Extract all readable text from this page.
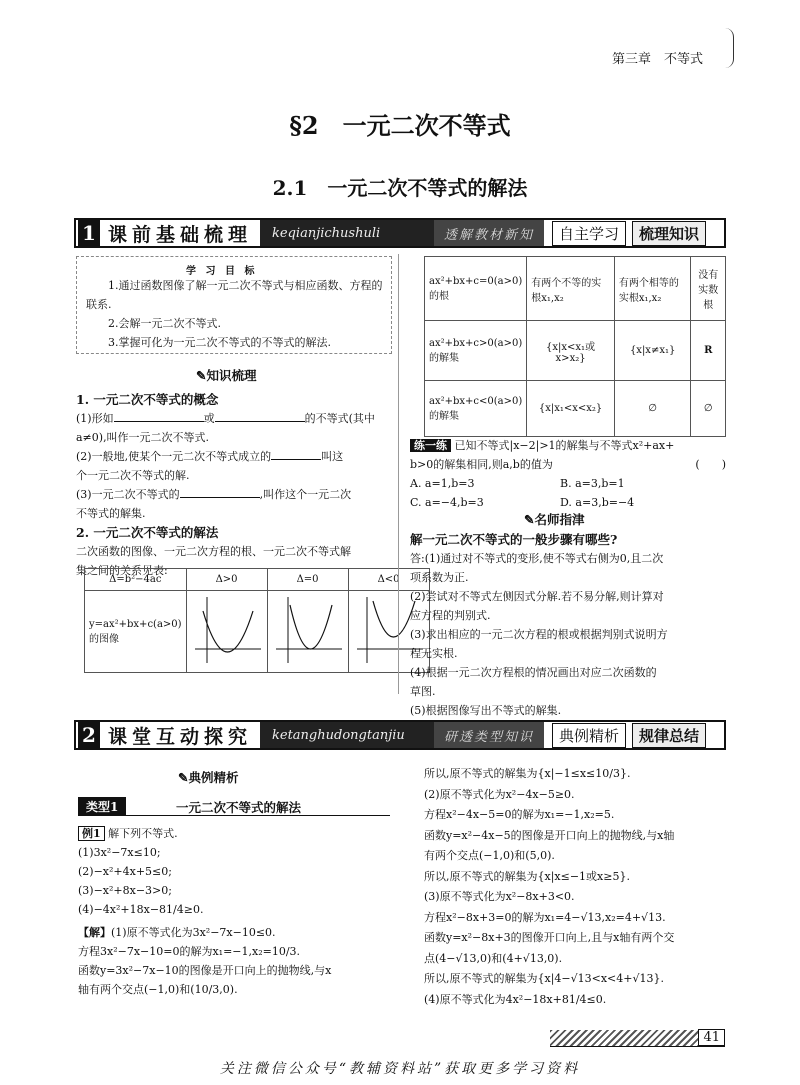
第三章　不等式
§2　一元二次不等式
2.1　一元二次不等式的解法
1 课前基础梳理	keqianjichushuli	透解教材新知	自主学习	梳理知识
学 习 目 标
1.通过函数图像了解一元二次不等式与相应函数、方程的联系.
2.会解一元二次不等式.
3.掌握可化为一元二次不等式的不等式的解法.
✎知识梳理
1. 一元二次不等式的概念
(1)形如	或	的不等式(其中
a≠0),叫作一元二次不等式.
(2)一般地,使某个一元二次不等式成立的	叫这
个一元二次不等式的解.
(3)一元二次不等式的	,叫作这个一元二次
不等式的解集.
2. 一元二次不等式的解法
二次函数的图像、一元二次方程的根、一元二次不等式解
集之间的关系见表:
Δ=b²−4ac	Δ>0	Δ=0	Δ<0
y=ax²+bx+c(a>0)的图像			
ax²+bx+c=0(a>0)的根	有两个不等的实根x₁,x₂	有两个相等的实根x₁,x₂	没有实数根
ax²+bx+c>0(a>0)的解集	{x|x<x₁或x>x₂}	{x|x≠x₁}	R
ax²+bx+c<0(a>0)的解集	{x|x₁<x<x₂}	∅	∅
练一练 已知不等式|x−2|>1的解集与不等式x²+ax+
b>0的解集相同,则a,b的值为	(　　)
A. a=1,b=3	B. a=3,b=1
C. a=−4,b=3	D. a=3,b=−4
✎名师指津
解一元二次不等式的一般步骤有哪些?
答:(1)通过对不等式的变形,使不等式右侧为0,且二次
项系数为正.
(2)尝试对不等式左侧因式分解.若不易分解,则计算对
应方程的判别式.
(3)求出相应的一元二次方程的根或根据判别式说明方
程无实根.
(4)根据一元二次方程根的情况画出对应二次函数的
草图.
(5)根据图像写出不等式的解集.
2 课堂互动探究	ketanghudongtanjiu	研透类型知识	典例精析	规律总结
✎典例精析
类型1	一元二次不等式的解法
例1 解下列不等式.
(1)3x²−7x≤10;
(2)−x²+4x+5≤0;
(3)−x²+8x−3>0;
(4)−4x²+18x−81/4≥0.
【解】(1)原不等式化为3x²−7x−10≤0.
方程3x²−7x−10=0的解为x₁=−1,x₂=10/3.
函数y=3x²−7x−10的图像是开口向上的抛物线,与x
轴有两个交点(−1,0)和(10/3,0).
所以,原不等式的解集为{x|−1≤x≤10/3}.
(2)原不等式化为x²−4x−5≥0.
方程x²−4x−5=0的解为x₁=−1,x₂=5.
函数y=x²−4x−5的图像是开口向上的抛物线,与x轴
有两个交点(−1,0)和(5,0).
所以,原不等式的解集为{x|x≤−1或x≥5}.
(3)原不等式化为x²−8x+3<0.
方程x²−8x+3=0的解为x₁=4−√13,x₂=4+√13.
函数y=x²−8x+3的图像开口向上,且与x轴有两个交
点(4−√13,0)和(4+√13,0).
所以,原不等式的解集为{x|4−√13<x<4+√13}.
(4)原不等式化为4x²−18x+81/4≤0.
41
关注微信公众号“教辅资料站”获取更多学习资料
